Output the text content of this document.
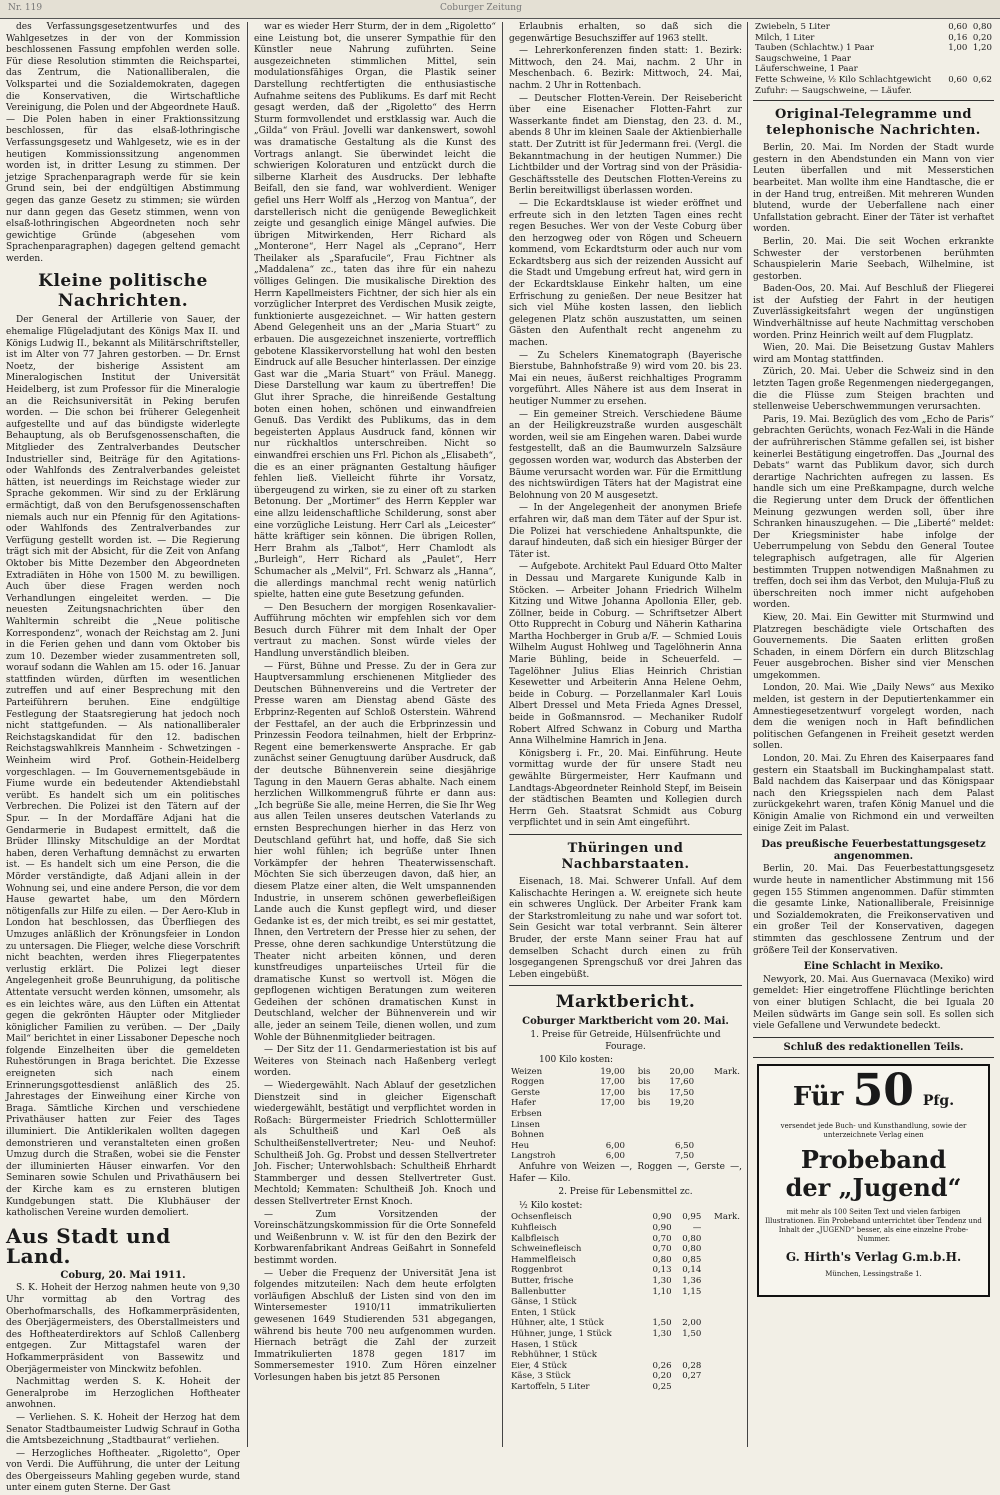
Nr. 119	Coburger Zeitung

des Verfassungsgesetzentwurfes und des Wahlgesetzes in der von der Kommission beschlossenen Fassung empfohlen werden solle. Für diese Resolution stimmten die Reichspartei, das Zentrum, die Nationalliberalen, die Volkspartei und die Sozialdemokraten, dagegen die Konservativen, die Wirtschaftliche Vereinigung, die Polen und der Abgeordnete Hauß. — Die Polen haben in einer Fraktionssitzung beschlossen, für das elsaß-lothringische Verfassungsgesetz und Wahlgesetz, wie es in der heutigen Kommissionssitzung angenommen worden ist, in dritter Lesung zu stimmen. Der jetzige Sprachenparagraph werde für sie kein Grund sein, bei der endgültigen Abstimmung gegen das ganze Gesetz zu stimmen; sie würden nur dann gegen das Gesetz stimmen, wenn von elsaß-lothringischen Abgeordneten noch sehr gewichtige Gründe (abgesehen vom Sprachenparagraphen) dagegen geltend gemacht werden.

Kleine politische Nachrichten.

Der General der Artillerie von Sauer, der ehemalige Flügeladjutant des Königs Max II. und Königs Ludwig II., bekannt als Militärschriftsteller, ist im Alter von 77 Jahren gestorben. — Dr. Ernst Noetz, der bisherige Assistent am Mineralogischen Institut der Universität Heidelberg, ist zum Professor für die Mineralogie an die Reichsuniversität in Peking berufen worden. — Die schon bei früherer Gelegenheit aufgestellte und auf das bündigste widerlegte Behauptung, als ob Berufsgenossenschaften, die Mitglieder des Zentralverbandes Deutscher Industrieller sind, Beiträge für den Agitations- oder Wahlfonds des Zentralverbandes geleistet hätten, ist neuerdings im Reichstage wieder zur Sprache gekommen. Wir sind zu der Erklärung ermächtigt, daß von den Berufsgenossenschaften niemals auch nur ein Pfennig für den Agitations- oder Wahlfonds des Zentralverbandes zur Verfügung gestellt worden ist. — Die Regierung trägt sich mit der Absicht, für die Zeit von Anfang Oktober bis Mitte Dezember den Abgeordneten Extradiäten in Höhe von 1500 M. zu bewilligen. Auch über diese Fragen werden noch Verhandlungen eingeleitet werden. — Die neuesten Zeitungsnachrichten über den Wahltermin schreibt die „Neue politische Korrespondenz“, wonach der Reichstag am 2. Juni in die Ferien gehen und dann vom Oktober bis zum 10. Dezember wieder zusammentreten soll, worauf sodann die Wahlen am 15. oder 16. Januar stattfinden würden, dürften im wesentlichen zutreffen und auf einer Besprechung mit den Parteiführern beruhen. Eine endgültige Festlegung der Staatsregierung hat jedoch noch nicht stattgefunden. — Als nationalliberaler Reichstagskandidat für den 12. badischen Reichstagswahlkreis Mannheim - Schwetzingen - Weinheim wird Prof. Gothein-Heidelberg vorgeschlagen. — Im Gouvernementsgebäude in Fiume wurde ein bedeutender Aktendiebstahl verübt. Es handelt sich um ein politisches Verbrechen. Die Polizei ist den Tätern auf der Spur. — In der Mordaffäre Adjani hat die Gendarmerie in Budapest ermittelt, daß die Brüder Illinsky Mitschuldige an der Mordtat haben, deren Verhaftung demnächst zu erwarten ist. — Es handelt sich um eine Person, die die Mörder verständigte, daß Adjani allein in der Wohnung sei, und eine andere Person, die vor dem Hause gewartet habe, um den Mördern nötigenfalls zur Hilfe zu eilen. — Der Aero-Klub in London hat beschlossen, das Überfliegen des Umzuges anläßlich der Krönungsfeier in London zu untersagen. Die Flieger, welche diese Vorschrift nicht beachten, werden ihres Fliegerpatentes verlustig erklärt. Die Polizei legt dieser Angelegenheit große Beunruhigung, da politische Attentate versucht werden können, umsomehr, als es ein leichtes wäre, aus den Lüften ein Attentat gegen die gekrönten Häupter oder Mitglieder königlicher Familien zu verüben. — Der „Daily Mail“ berichtet in einer Lissaboner Depesche noch folgende Einzelheiten über die gemeldeten Ruhestörungen in Braga berichtet. Die Exzesse ereigneten sich nach einem Erinnerungsgottesdienst anläßlich des 25. Jahrestages der Einweihung einer Kirche von Braga. Sämtliche Kirchen und verschiedene Privathäuser hatten zur Feier des Tages illuminiert. Die Antiklerikalen wollten dagegen demonstrieren und veranstalteten einen großen Umzug durch die Straßen, wobei sie die Fenster der illuminierten Häuser einwarfen. Vor den Seminaren sowie Schulen und Privathäusern bei der Kirche kam es zu ernsteren blutigen Kundgebungen statt. Die Klubhäuser der katholischen Vereine wurden demoliert.

Aus Stadt und Land.
Coburg, 20. Mai 1911.

S. K. Hoheit der Herzog nahmen heute von 9,30 Uhr vormittag ab den Vortrag des Oberhofmarschalls, des Hofkammerpräsidenten, des Oberjägermeisters, des Oberstallmeisters und des Hoftheaterdirektors auf Schloß Callenberg entgegen. Zur Mittagstafel waren der Hofkammerpräsident von Bassewitz und Oberjägermeister von Minckwitz befohlen.

Nachmittag werden S. K. Hoheit der Generalprobe im Herzoglichen Hoftheater anwohnen.

— Verliehen. S. K. Hoheit der Herzog hat dem Senator Stadtbaumeister Ludwig Schrauf in Gotha die Amtsbezeichnung „Stadtbaurat“ verliehen.

— Herzogliches Hoftheater. „Rigoletto“, Oper von Verdi. Die Aufführung, die unter der Leitung des Obergeisseurs Mahling gegeben wurde, stand unter einem guten Sterne. Der Gast

war es wieder Herr Sturm, der in dem „Rigoletto“ eine Leistung bot, die unserer Sympathie für den Künstler neue Nahrung zuführten. Seine ausgezeichneten stimmlichen Mittel, sein modulationsfähiges Organ, die Plastik seiner Darstellung rechtfertigten die enthusiastische Aufnahme seitens des Publikums. Es darf mit Recht gesagt werden, daß der „Rigoletto“ des Herrn Sturm formvollendet und erstklassig war. Auch die „Gilda“ von Fräul. Jovelli war dankenswert, sowohl was dramatische Gestaltung als die Kunst des Vortrags anlangt. Sie überwindet leicht die schwierigen Koloraturen und entzückt durch die silberne Klarheit des Ausdrucks. Der lebhafte Beifall, den sie fand, war wohlverdient. Weniger gefiel uns Herr Wolff als „Herzog von Mantua“, der darstellerisch nicht die genügende Beweglichkeit zeigte und gesanglich einige Mängel aufwies. Die übrigen Mitwirkenden, Herr Richard als „Monterone“, Herr Nagel als „Ceprano“, Herr Theilaker als „Sparafucile“, Frau Fichtner als „Maddalena“ zc., taten das ihre für ein nahezu völliges Gelingen. Die musikalische Direktion des Herrn Kapellmeisters Fichtner, der sich hier als ein vorzüglicher Interpret des Verdischen Musik zeigte, funktionierte ausgezeichnet. — Wir hatten gestern Abend Gelegenheit uns an der „Maria Stuart“ zu erbauen. Die ausgezeichnet inszenierte, vortrefflich gebotene Klassikervorstellung hat wohl den besten Eindruck auf alle Besucher hinterlassen. Der einzige Gast war die „Maria Stuart“ von Fräul. Manegg. Diese Darstellung war kaum zu übertreffen! Die Glut ihrer Sprache, die hinreißende Gestaltung boten einen hohen, schönen und einwandfreien Genuß. Das Verdikt des Publikums, das in dem begeisterten Applaus Ausdruck fand, können wir nur rückhaltlos unterschreiben. Nicht so einwandfrei erschien uns Frl. Pichon als „Elisabeth“, die es an einer prägnanten Gestaltung häufiger fehlen ließ. Vielleicht führte ihr Vorsatz, übergeugend zu wirken, sie zu einer oft zu starken Betonung. Der „Mortimer“ des Herrn Keppler war eine allzu leidenschaftliche Schilderung, sonst aber eine vorzügliche Leistung. Herr Carl als „Leicester“ hätte kräftiger sein können. Die übrigen Rollen, Herr Brahm als „Talbot“, Herr Chamlodt als „Burleigh“, Herr Richard als „Paulet“, Herr Schumacher als „Melvil“, Frl. Schwarz als „Hanna“, die allerdings manchmal recht wenig natürlich spielte, hatten eine gute Besetzung gefunden.

— Den Besuchern der morgigen Rosenkavalier-Aufführung möchten wir empfehlen sich vor dem Besuch durch Führer mit dem Inhalt der Oper vertraut zu machen. Sonst würde vieles der Handlung unverständlich bleiben.

— Fürst, Bühne und Presse. Zu der in Gera zur Hauptversammlung erschienenen Mitglieder des Deutschen Bühnenvereins und die Vertreter der Presse waren am Dienstag abend Gäste des Erbprinz-Regenten auf Schloß Osterstein. Während der Festtafel, an der auch die Erbprinzessin und Prinzessin Feodora teilnahmen, hielt der Erbprinz-Regent eine bemerkenswerte Ansprache. Er gab zunächst seiner Genugtuung darüber Ausdruck, daß der deutsche Bühnenverein seine diesjährige Tagung in den Mauern Geras abhalte. Nach einem herzlichen Willkommengruß führte er dann aus: „Ich begrüße Sie alle, meine Herren, die Sie Ihr Weg aus allen Teilen unseres deutschen Vaterlands zu ernsten Besprechungen hierher in das Herz von Deutschland geführt hat, und hoffe, daß Sie sich hier wohl fühlen; ich begrüße unter Ihnen Vorkämpfer der hehren Theaterwissenschaft. Möchten Sie sich überzeugen davon, daß hier, an diesem Platze einer alten, die Welt umspannenden Industrie, in unserem schönen gewerbefleißigen Lande auch die Kunst gepflegt wird, und dieser Gedanke ist es, der mich treibt, es sei mir gestattet, Ihnen, den Vertretern der Presse hier zu sehen, der Presse, ohne deren sachkundige Unterstützung die Theater nicht arbeiten können, und deren kunstfreudiges unparteiisches Urteil für die dramatische Kunst so wertvoll ist. Mögen die gepflogenen wichtigen Beratungen zum weiteren Gedeihen der schönen dramatischen Kunst in Deutschland, welcher der Bühnenverein und wir alle, jeder an seinem Teile, dienen wollen, und zum Wohle der Bühnenmitglieder beitragen.

— Der Sitz der 11. Gendarmeriestation ist bis auf Weiteres von Steinach nach Haßenberg verlegt worden.

— Wiedergewählt. Nach Ablauf der gesetzlichen Dienstzeit sind in gleicher Eigenschaft wiedergewählt, bestätigt und verpflichtet worden in Roßach: Bürgermeister Friedrich Schlottermüller als Schultheiß und Karl Oeß als Schultheißenstellvertreter; Neu- und Neuhof: Schultheiß Joh. Gg. Probst und dessen Stellvertreter Joh. Fischer; Unterwohlsbach: Schultheiß Ehrhardt Stammberger und dessen Stellvertreter Gust. Mechtold; Kemmaten: Schultheiß Joh. Knoch und dessen Stellvertreter Ernst Knoch.

— Zum Vorsitzenden der Voreinschätzungskommission für die Orte Sonnefeld und Weißenbrunn v. W. ist für den den Bezirk der Korbwarenfabrikant Andreas Geißahrt in Sonnefeld bestimmt worden.

— Ueber die Frequenz der Universität Jena ist folgendes mitzuteilen: Nach dem heute erfolgten vorläufigen Abschluß der Listen sind von den im Wintersemester 1910/11 immatrikulierten gewesenen 1649 Studierenden 531 abgegangen, während bis heute 700 neu aufgenommen wurden. Hiernach beträgt die Zahl der zurzeit Immatrikulierten 1878 gegen 1817 im Sommersemester 1910. Zum Hören einzelner Vorlesungen haben bis jetzt 85 Personen

Erlaubnis erhalten, so daß sich die gegenwärtige Besuchsziffer auf 1963 stellt.

— Lehrerkonferenzen finden statt: 1. Bezirk: Mittwoch, den 24. Mai, nachm. 2 Uhr in Meschenbach. 6. Bezirk: Mittwoch, 24. Mai, nachm. 2 Uhr in Rottenbach.

— Deutscher Flotten-Verein. Der Reisebericht über eine Eisenacher Flotten-Fahrt zur Wasserkante findet am Dienstag, den 23. d. M., abends 8 Uhr im kleinen Saale der Aktienbierhalle statt. Der Zutritt ist für Jedermann frei. (Vergl. die Bekanntmachung in der heutigen Nummer.) Die Lichtbilder und der Vortrag sind von der Präsidia-Geschäftsstelle des Deutschen Flotten-Vereins zu Berlin bereitwilligst überlassen worden.

— Die Eckardtsklause ist wieder eröffnet und erfreute sich in den letzten Tagen eines recht regen Besuches. Wer von der Veste Coburg über den herzogweg oder von Rögen und Scheuern kommend, vom Eckardtsturm oder auch nur vom Eckardtsberg aus sich der reizenden Aussicht auf die Stadt und Umgebung erfreut hat, wird gern in der Eckardtsklause Einkehr halten, um eine Erfrischung zu genießen. Der neue Besitzer hat sich viel Mühe kosten lassen, den lieblich gelegenen Platz schön auszustatten, um seinen Gästen den Aufenthalt recht angenehm zu machen.

— Zu Schelers Kinematograph (Bayerische Bierstube, Bahnhofstraße 9) wird vom 20. bis 23. Mai ein neues, äußerst reichhaltiges Programm vorgeführt. Alles Nähere ist aus dem Inserat in heutiger Nummer zu ersehen.

— Ein gemeiner Streich. Verschiedene Bäume an der Heiligkreuzstraße wurden ausgeschält worden, weil sie am Eingehen waren. Dabei wurde festgestellt, daß an die Baumwurzeln Salzsäure gegossen worden war, wodurch das Absterben der Bäume verursacht worden war. Für die Ermittlung des nichtswürdigen Täters hat der Magistrat eine Belohnung von 20 M ausgesetzt.

— In der Angelegenheit der anonymen Briefe erfahren wir, daß man dem Täter auf der Spur ist. Die Polizei hat verschiedene Anhaltspunkte, die darauf hindeuten, daß sich ein hiesiger Bürger der Täter ist.

— Aufgebote. Architekt Paul Eduard Otto Malter in Dessau und Margarete Kunigunde Kalb in Stöcken. — Arbeiter Johann Friedrich Wilhelm Kitzing und Witwe Johanna Apollonia Eller, geb. Zöllner, beide in Coburg. — Schriftsetzer Albert Otto Rupprecht in Coburg und Näherin Katharina Martha Hochberger in Grub a/F. — Schmied Louis Wilhelm August Hohlweg und Tagelöhnerin Anna Marie Bühling, beide in Scheuerfeld. — Tagelöhner Julius Elias Heinrich Christian Kesewetter und Arbeiterin Anna Helene Oehm, beide in Coburg. — Porzellanmaler Karl Louis Albert Dressel und Meta Frieda Agnes Dressel, beide in Goßmannsrod. — Mechaniker Rudolf Robert Alfred Schwanz in Coburg und Martha Anna Wilhelmine Hamrich in Jena.

Königsberg i. Fr., 20. Mai. Einführung. Heute vormittag wurde der für unsere Stadt neu gewählte Bürgermeister, Herr Kaufmann und Landtags-Abgeordneter Reinhold Stepf, im Beisein der städtischen Beamten und Kollegien durch Herrn Geh. Staatsrat Schmidt aus Coburg verpflichtet und in sein Amt eingeführt.

Thüringen und Nachbarstaaten.

Eisenach, 18. Mai. Schwerer Unfall. Auf dem Kalischachte Heringen a. W. ereignete sich heute ein schweres Unglück. Der Arbeiter Frank kam der Starkstromleitung zu nahe und war sofort tot. Sein Gesicht war total verbrannt. Sein älterer Bruder, der erste Mann seiner Frau hat auf demselben Schacht durch einen zu früh losgegangenen Sprengschuß vor drei Jahren das Leben eingebüßt.

Marktbericht.
Coburger Marktbericht vom 20. Mai.
1. Preise für Getreide, Hülsenfrüchte und Fourage.
100 Kilo kosten:
Weizen	19,00	bis	20,00	Mark.
Roggen	17,00	bis	17,60	
Gerste	17,00	bis	17,50	
Hafer	17,00	bis	19,20	
Erbsen				
Linsen				
Bohnen				
Heu	6,00		6,50	
Langstroh	6,00		7,50	

Anfuhre von Weizen —, Roggen —, Gerste —, Hafer — Kilo.

2. Preise für Lebensmittel zc.
½ Kilo kostet:
Ochsenfleisch	0,90	0,95	Mark.
Kuhfleisch	0,90	—	
Kalbfleisch	0,70	0,80	
Schweinefleisch	0,70	0,80	
Hammelfleisch	0,80	0,85	
Roggenbrot	0,13	0,14	
Butter, frische	1,30	1,36	
Ballenbutter	1,10	1,15	
Gänse, 1 Stück			
Enten, 1 Stück			
Hühner, alte, 1 Stück	1,50	2,00	
Hühner, junge, 1 Stück	1,30	1,50	
Hasen, 1 Stück			
Rebhühner, 1 Stück			
Eier, 4 Stück	0,26	0,28	
Käse, 3 Stück	0,20	0,27	
Kartoffeln, 5 Liter	0,25		
Zwiebeln, 5 Liter	0,60	0,80
Milch, 1 Liter	0,16	0,20
Tauben (Schlachtw.) 1 Paar	1,00	1,20
Saugschweine, 1 Paar		
Läuferschweine, 1 Paar		
Fette Schweine, ½ Kilo Schlachtgewicht	0,60	0,62
Zufuhr: — Saugschweine, — Läufer.		
Original-Telegramme und telephonische Nachrichten.

Berlin, 20. Mai. Im Norden der Stadt wurde gestern in den Abendstunden ein Mann von vier Leuten überfallen und mit Messerstichen bearbeitet. Man wollte ihm eine Handtasche, die er in der Hand trug, entreißen. Mit mehreren Wunden blutend, wurde der Ueberfallene nach einer Unfallstation gebracht. Einer der Täter ist verhaftet worden.

Berlin, 20. Mai. Die seit Wochen erkrankte Schwester der verstorbenen berühmten Schauspielerin Marie Seebach, Wilhelmine, ist gestorben.

Baden-Oos, 20. Mai. Auf Beschluß der Fliegerei ist der Aufstieg der Fahrt in der heutigen Zuverlässigkeitsfahrt wegen der ungünstigen Windverhältnisse auf heute Nachmittag verschoben worden. Prinz Heinrich weilt auf dem Flugplatz.

Wien, 20. Mai. Die Beisetzung Gustav Mahlers wird am Montag stattfinden.

Zürich, 20. Mai. Ueber die Schweiz sind in den letzten Tagen große Regenmengen niedergegangen, die die Flüsse zum Steigen brachten und stellenweise Ueberschwemmungen verursachten.

Paris, 19. Mai. Bezüglich des vom „Echo de Paris“ gebrachten Gerüchts, wonach Fez-Wali in die Hände der aufrührerischen Stämme gefallen sei, ist bisher keinerlei Bestätigung eingetroffen. Das „Journal des Debats“ warnt das Publikum davor, sich durch derartige Nachrichten aufregen zu lassen. Es handle sich um eine Preßkampagne, durch welche die Regierung unter dem Druck der öffentlichen Meinung gezwungen werden soll, über ihre Schranken hinauszugehen. — Die „Liberté“ meldet: Der Kriegsminister habe infolge der Ueberrumpelung von Sebdu den General Toutee telegraphisch aufgetragen, alle für Algerien bestimmten Truppen notwendigen Maßnahmen zu treffen, doch sei ihm das Verbot, den Muluja-Fluß zu überschreiten noch immer nicht aufgehoben worden.

Kiew, 20. Mai. Ein Gewitter mit Sturmwind und Platzregen beschädigte viele Ortschaften des Gouvernements. Die Saaten erlitten großen Schaden, in einem Dörfern ein durch Blitzschlag Feuer ausgebrochen. Bisher sind vier Menschen umgekommen.

London, 20. Mai. Wie „Daily News“ aus Mexiko melden, ist gestern in der Deputiertenkammer ein Amnestiegesetzentwurf vorgelegt worden, nach dem die wenigen noch in Haft befindlichen politischen Gefangenen in Freiheit gesetzt werden sollen.

London, 20. Mai. Zu Ehren des Kaiserpaares fand gestern ein Staatsball im Buckinghampalast statt. Bald nachdem das Kaiserpaar und das Königspaar nach den Kriegsspielen nach dem Palast zurückgekehrt waren, trafen König Manuel und die Königin Amalie von Richmond ein und verweilten einige Zeit im Palast.

Das preußische Feuerbestattungsgesetz angenommen.

Berlin, 20. Mai. Das Feuerbestattungsgesetz wurde heute in namentlicher Abstimmung mit 156 gegen 155 Stimmen angenommen. Dafür stimmten die gesamte Linke, Nationalliberale, Freisinnige und Sozialdemokraten, die Freikonservativen und ein großer Teil der Konservativen, dagegen stimmten das geschlossene Zentrum und der größere Teil der Konservativen.

Eine Schlacht in Mexiko.

Newyork, 20. Mai. Aus Guernavaca (Mexiko) wird gemeldet: Hier eingetroffene Flüchtlinge berichten von einer blutigen Schlacht, die bei Iguala 20 Meilen südwärts im Gange sein soll. Es sollen sich viele Gefallene und Verwundete bedeckt.

Schluß des redaktionellen Teils.
Für 50 Pfg.
versendet jede Buch- und Kunsthandlung, sowie der unterzeichnete Verlag einen
Probeband
der „Jugend“
mit mehr als 100 Seiten Text und vielen farbigen Illustrationen. Ein Probeband unterrichtet über Tendenz und Inhalt der „JUGEND“ besser, als eine einzelne Probe-Nummer.
G. Hirth's Verlag G.m.b.H.
München, Lessingstraße 1.
